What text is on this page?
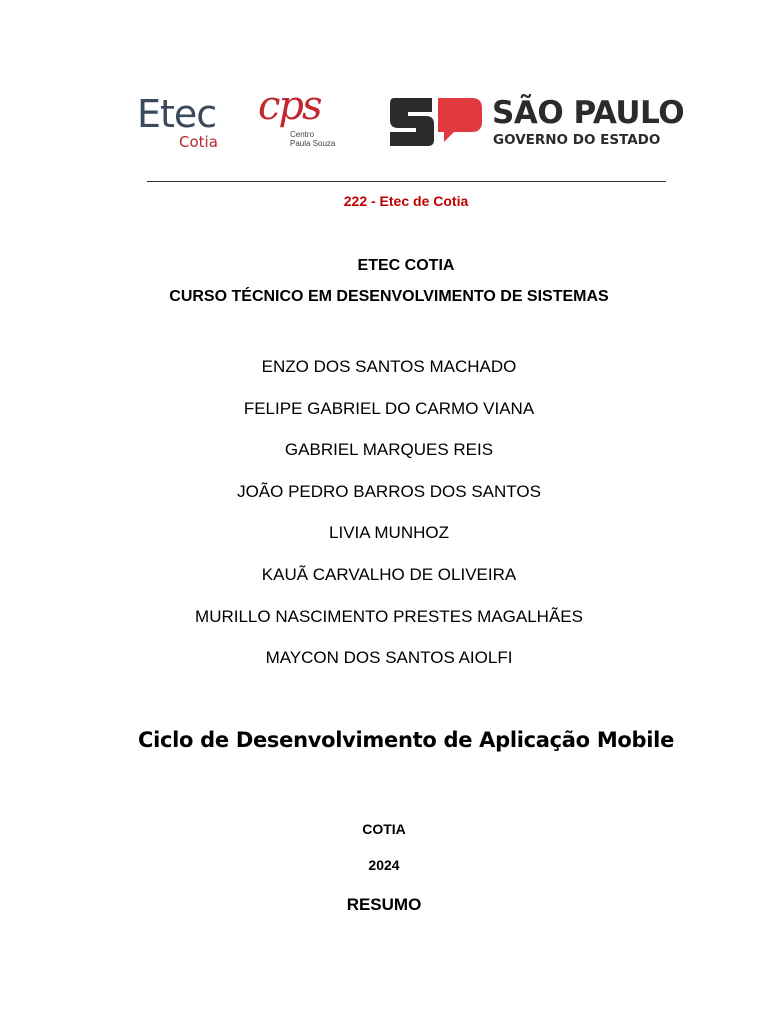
Etec
Cotia
cps
Centro
Paula Souza
SÃO PAULO
GOVERNO DO ESTADO
222 - Etec de Cotia
ETEC COTIA
CURSO TÉCNICO EM DESENVOLVIMENTO DE SISTEMAS
ENZO DOS SANTOS MACHADO
FELIPE GABRIEL DO CARMO VIANA
GABRIEL MARQUES REIS
JOÃO PEDRO BARROS DOS SANTOS
LIVIA MUNHOZ
KAUÃ CARVALHO DE OLIVEIRA
MURILLO NASCIMENTO PRESTES MAGALHÃES
MAYCON DOS SANTOS AIOLFI
Ciclo de Desenvolvimento de Aplicação Mobile
COTIA
2024
RESUMO
